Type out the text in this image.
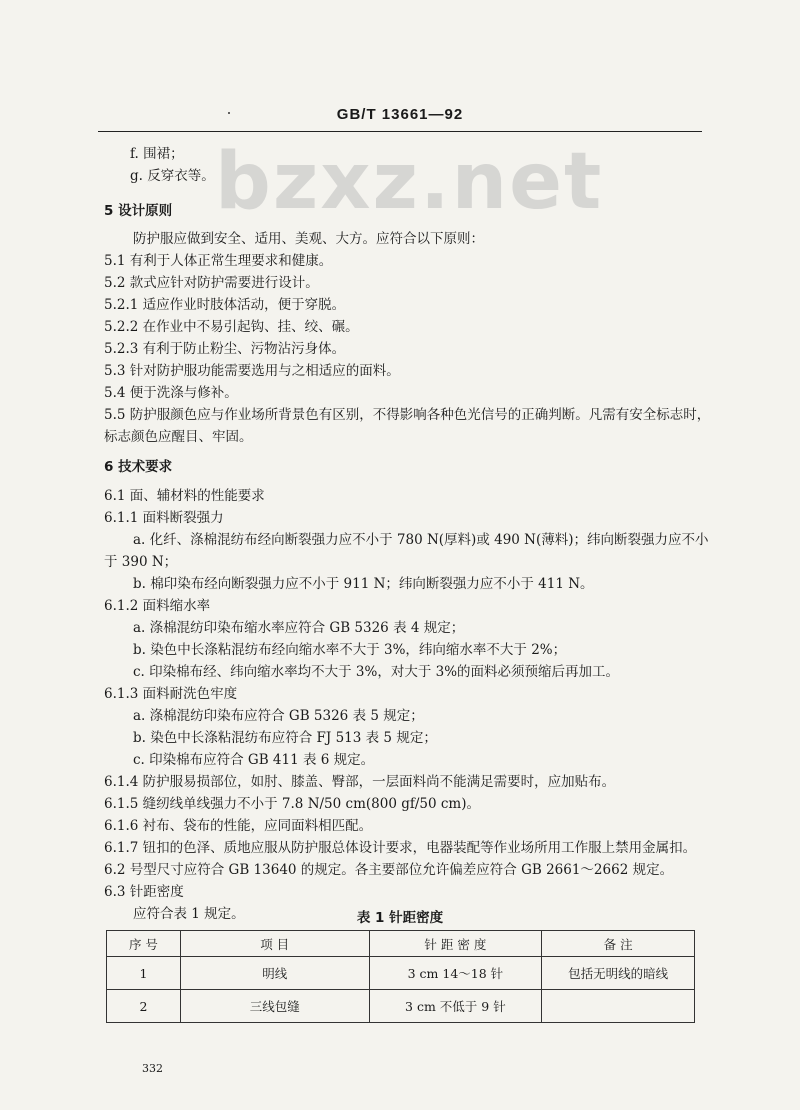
GB/T 13661—92
bzxz.net
f. 围裙；
g. 反穿衣等。
5 设计原则
防护服应做到安全、适用、美观、大方。应符合以下原则：
5.1 有利于人体正常生理要求和健康。
5.2 款式应针对防护需要进行设计。
5.2.1 适应作业时肢体活动，便于穿脱。
5.2.2 在作业中不易引起钩、挂、绞、碾。
5.2.3 有利于防止粉尘、污物沾污身体。
5.3 针对防护服功能需要选用与之相适应的面料。
5.4 便于洗涤与修补。
5.5 防护服颜色应与作业场所背景色有区别，不得影响各种色光信号的正确判断。凡需有安全标志时，
标志颜色应醒目、牢固。
6 技术要求
6.1 面、辅材料的性能要求
6.1.1 面料断裂强力
a. 化纤、涤棉混纺布经向断裂强力应不小于 780 N(厚料)或 490 N(薄料)；纬向断裂强力应不小
于 390 N；
b. 棉印染布经向断裂强力应不小于 911 N；纬向断裂强力应不小于 411 N。
6.1.2 面料缩水率
a. 涤棉混纺印染布缩水率应符合 GB 5326 表 4 规定；
b. 染色中长涤粘混纺布经向缩水率不大于 3%，纬向缩水率不大于 2%；
c. 印染棉布经、纬向缩水率均不大于 3%，对大于 3%的面料必须预缩后再加工。
6.1.3 面料耐洗色牢度
a. 涤棉混纺印染布应符合 GB 5326 表 5 规定；
b. 染色中长涤粘混纺布应符合 FJ 513 表 5 规定；
c. 印染棉布应符合 GB 411 表 6 规定。
6.1.4 防护服易损部位，如肘、膝盖、臀部，一层面料尚不能满足需要时，应加贴布。
6.1.5 缝纫线单线强力不小于 7.8 N/50 cm(800 gf/50 cm)。
6.1.6 衬布、袋布的性能，应同面料相匹配。
6.1.7 钮扣的色泽、质地应服从防护服总体设计要求，电器装配等作业场所用工作服上禁用金属扣。
6.2 号型尺寸应符合 GB 13640 的规定。各主要部位允许偏差应符合 GB 2661～2662 规定。
6.3 针距密度
应符合表 1 规定。	表 1 针距密度
序 号	项 目	针 距 密 度	备 注
1	明线	3 cm 14～18 针	包括无明线的暗线
2	三线包缝	3 cm 不低于 9 针	
332
